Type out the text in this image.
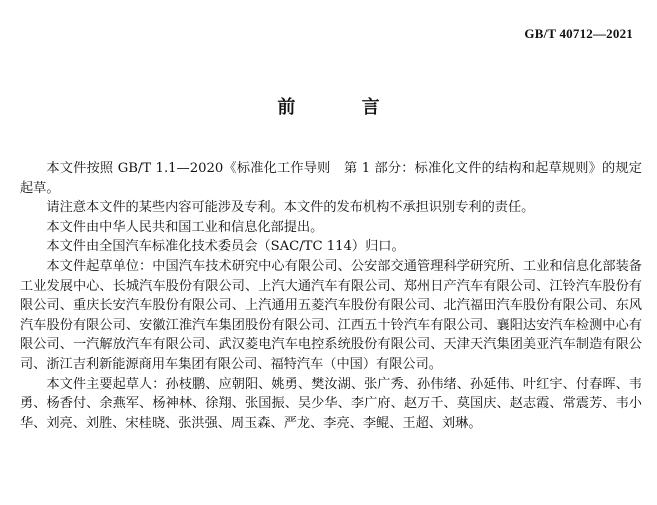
GB/T 40712—2021
前 言

本文件按照 GB/T 1.1—2020《标准化工作导则　第 1 部分：标准化文件的结构和起草规则》的规定起草。

请注意本文件的某些内容可能涉及专利。本文件的发布机构不承担识别专利的责任。

本文件由中华人民共和国工业和信息化部提出。

本文件由全国汽车标准化技术委员会（SAC/TC 114）归口。

本文件起草单位：中国汽车技术研究中心有限公司、公安部交通管理科学研究所、工业和信息化部装备工业发展中心、长城汽车股份有限公司、上汽大通汽车有限公司、郑州日产汽车有限公司、江铃汽车股份有限公司、重庆长安汽车股份有限公司、上汽通用五菱汽车股份有限公司、北汽福田汽车股份有限公司、东风汽车股份有限公司、安徽江淮汽车集团股份有限公司、江西五十铃汽车有限公司、襄阳达安汽车检测中心有限公司、一汽解放汽车有限公司、武汉菱电汽车电控系统股份有限公司、天津天汽集团美亚汽车制造有限公司、浙江吉利新能源商用车集团有限公司、福特汽车（中国）有限公司。

本文件主要起草人：孙枝鹏、应朝阳、姚勇、樊汝湖、张广秀、孙伟绪、孙延伟、叶红宇、付春晖、韦勇、杨香付、余燕军、杨神林、徐翔、张国振、吴少华、李广府、赵万千、莫国庆、赵志霞、常震芳、韦小华、刘亮、刘胜、宋桂晓、张洪强、周玉森、严龙、李亮、李鲲、王超、刘琳。
